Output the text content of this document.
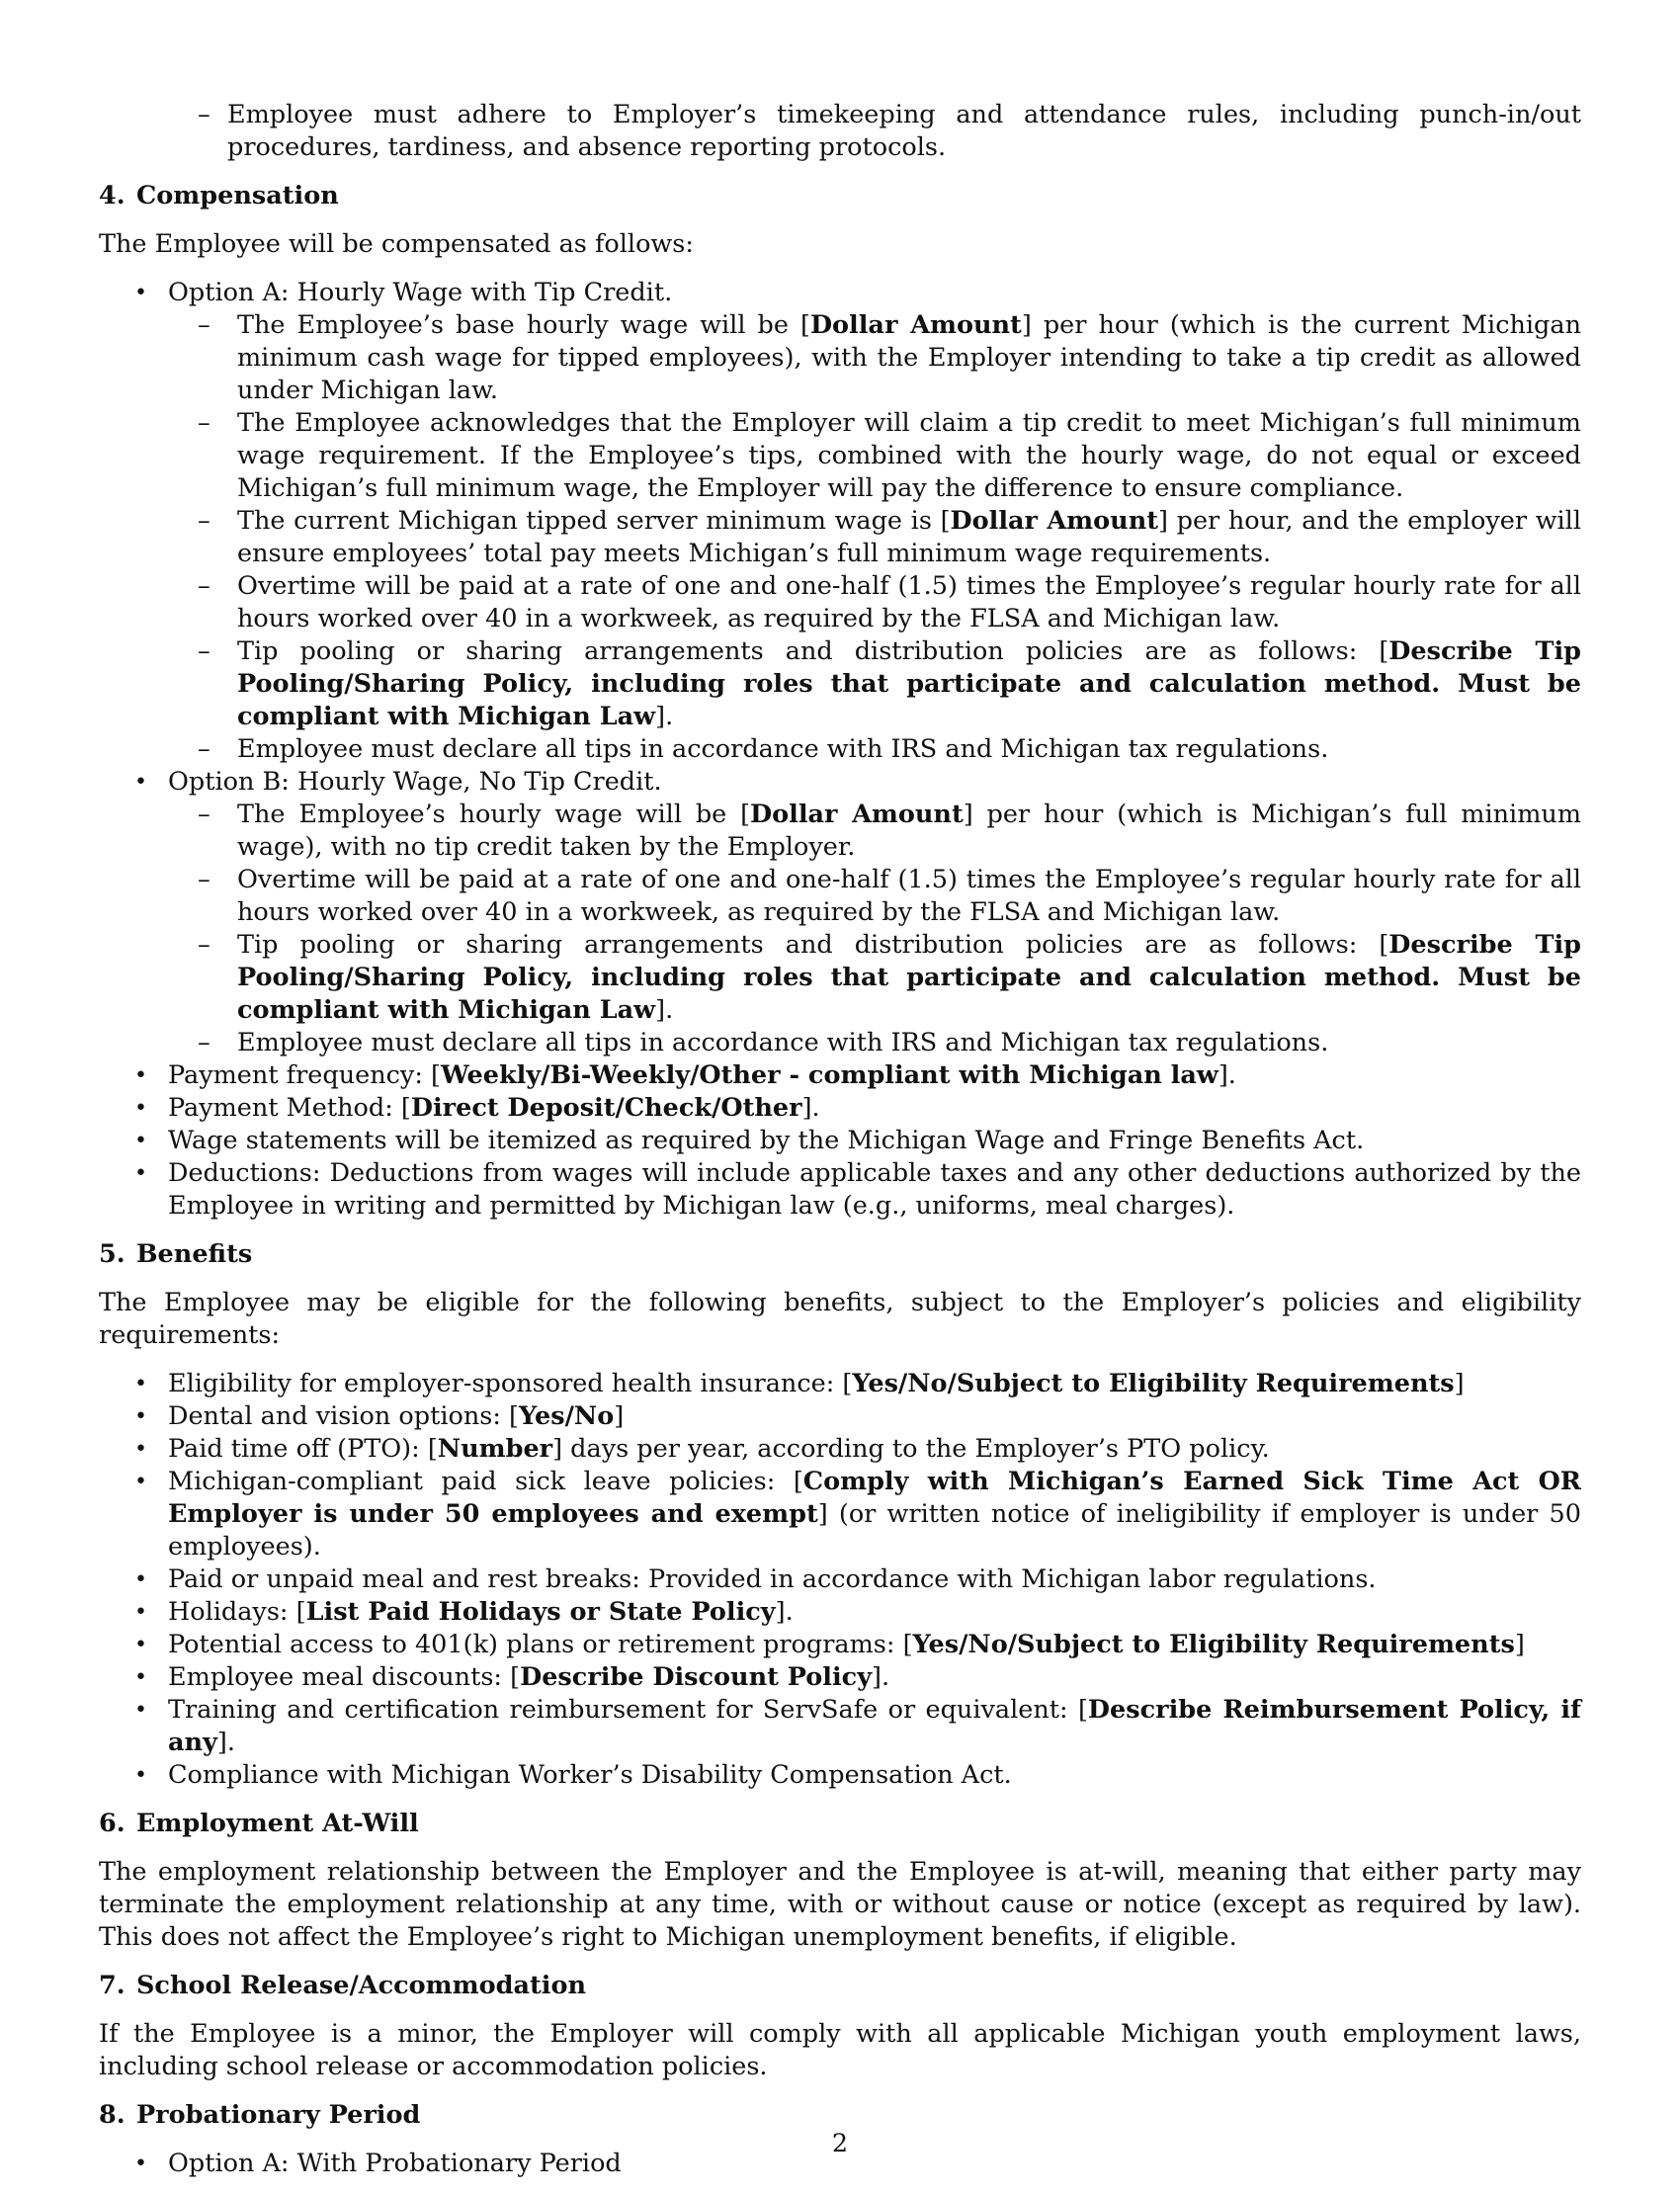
– Employee must adhere to Employer’s timekeeping and attendance rules, including punch-in/out procedures, tardiness, and absence reporting protocols.
4. Compensation

The Employee will be compensated as follows:

• Option A: Hourly Wage with Tip Credit.
– The Employee’s base hourly wage will be [Dollar Amount] per hour (which is the current Michigan minimum cash wage for tipped employees), with the Employer intending to take a tip credit as allowed under Michigan law.
– The Employee acknowledges that the Employer will claim a tip credit to meet Michigan’s full minimum wage requirement. If the Employee’s tips, combined with the hourly wage, do not equal or exceed Michigan’s full minimum wage, the Employer will pay the difference to ensure compliance.
– The current Michigan tipped server minimum wage is [Dollar Amount] per hour, and the employer will ensure employees’ total pay meets Michigan’s full minimum wage requirements.
– Overtime will be paid at a rate of one and one-half (1.5) times the Employee’s regular hourly rate for all hours worked over 40 in a workweek, as required by the FLSA and Michigan law.
– Tip pooling or sharing arrangements and distribution policies are as follows: [Describe Tip Pooling/Sharing Policy, including roles that participate and calculation method. Must be compliant with Michigan Law].
– Employee must declare all tips in accordance with IRS and Michigan tax regulations.
• Option B: Hourly Wage, No Tip Credit.
– The Employee’s hourly wage will be [Dollar Amount] per hour (which is Michigan’s full minimum wage), with no tip credit taken by the Employer.
– Overtime will be paid at a rate of one and one-half (1.5) times the Employee’s regular hourly rate for all hours worked over 40 in a workweek, as required by the FLSA and Michigan law.
– Tip pooling or sharing arrangements and distribution policies are as follows: [Describe Tip Pooling/Sharing Policy, including roles that participate and calculation method. Must be compliant with Michigan Law].
– Employee must declare all tips in accordance with IRS and Michigan tax regulations.
• Payment frequency: [Weekly/Bi-Weekly/Other - compliant with Michigan law].
• Payment Method: [Direct Deposit/Check/Other].
• Wage statements will be itemized as required by the Michigan Wage and Fringe Benefits Act.
• Deductions: Deductions from wages will include applicable taxes and any other deductions authorized by the Employee in writing and permitted by Michigan law (e.g., uniforms, meal charges).
5. Benefits

The Employee may be eligible for the following benefits, subject to the Employer’s policies and eligibility requirements:

• Eligibility for employer-sponsored health insurance: [Yes/No/Subject to Eligibility Requirements]
• Dental and vision options: [Yes/No]
• Paid time off (PTO): [Number] days per year, according to the Employer’s PTO policy.
• Michigan-compliant paid sick leave policies: [Comply with Michigan’s Earned Sick Time Act OR Employer is under 50 employees and exempt] (or written notice of ineligibility if employer is under 50 employees).
• Paid or unpaid meal and rest breaks: Provided in accordance with Michigan labor regulations.
• Holidays: [List Paid Holidays or State Policy].
• Potential access to 401(k) plans or retirement programs: [Yes/No/Subject to Eligibility Requirements]
• Employee meal discounts: [Describe Discount Policy].
• Training and certification reimbursement for ServSafe or equivalent: [Describe Reimbursement Policy, if any].
• Compliance with Michigan Worker’s Disability Compensation Act.
6. Employment At-Will

The employment relationship between the Employer and the Employee is at-will, meaning that either party may terminate the employment relationship at any time, with or without cause or notice (except as required by law). This does not affect the Employee’s right to Michigan unemployment benefits, if eligible.

7. School Release/Accommodation

If the Employee is a minor, the Employer will comply with all applicable Michigan youth employment laws, including school release or accommodation policies.

8. Probationary Period
• Option A: With Probationary Period
2
